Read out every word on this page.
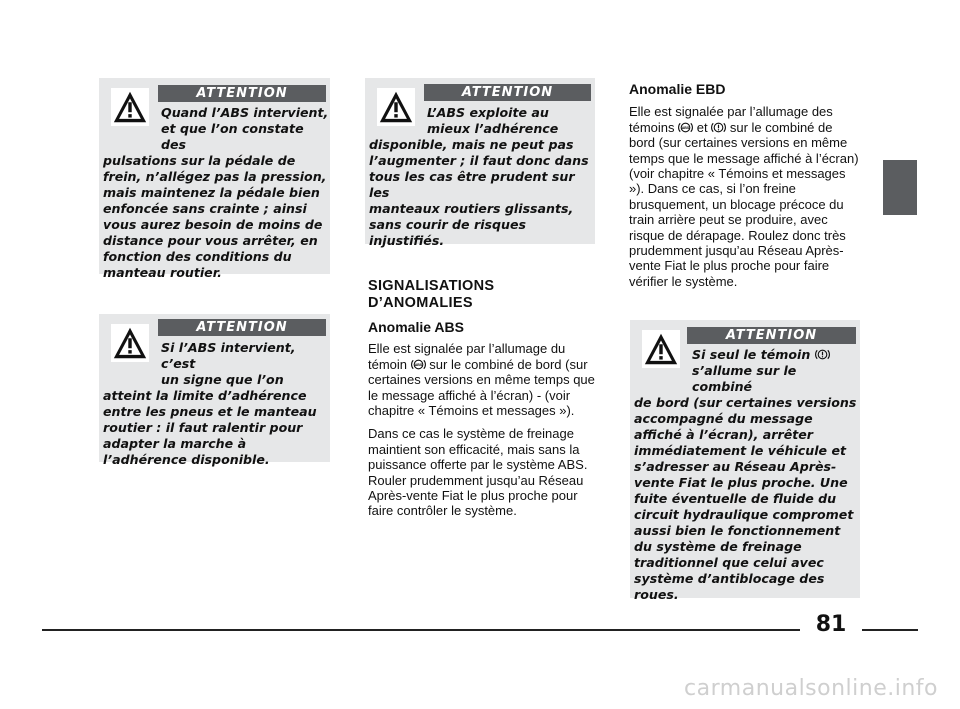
ATTENTION
Quand l’ABS intervient,
et que l’on constate des
pulsations sur la pédale de
frein, n’allégez pas la pression,
mais maintenez la pédale bien
enfoncée sans crainte ; ainsi
vous aurez besoin de moins de
distance pour vous arrêter, en
fonction des conditions du
manteau routier.
ATTENTION
Si l’ABS intervient, c’est
un signe que l’on
atteint la limite d’adhérence
entre les pneus et le manteau
routier : il faut ralentir pour
adapter la marche à
l’adhérence disponible.
ATTENTION
L’ABS exploite au
mieux l’adhérence
disponible, mais ne peut pas
l’augmenter ; il faut donc dans
tous les cas être prudent sur les
manteaux routiers glissants,
sans courir de risques
injustifiés.
SIGNALISATIONS
D’ANOMALIES
Anomalie ABS

Elle est signalée par l’allumage du témoin ABS sur le combiné de bord (sur certaines versions en même temps que le message affiché à l’écran) - (voir chapitre « Témoins et messages »).

Dans ce cas le système de freinage maintient son efficacité, mais sans la puissance offerte par le système ABS. Rouler prudemment jusqu’au Réseau Après-vente Fiat le plus proche pour faire contrôler le système.

Anomalie EBD

Elle est signalée par l’allumage des témoins ABS et sur le combiné de bord (sur certaines versions en même temps que le message affiché à l’écran) (voir chapitre « Témoins et messages »). Dans ce cas, si l’on freine brusquement, un blocage précoce du train arrière peut se produire, avec risque de dérapage. Roulez donc très prudemment jusqu’au Réseau Après-vente Fiat le plus proche pour faire vérifier le système.

ATTENTION
Si seul le témoin
s’allume sur le combiné
de bord (sur certaines versions
accompagné du message
affiché à l’écran), arrêter
immédiatement le véhicule et
s’adresser au Réseau Après-
vente Fiat le plus proche. Une
fuite éventuelle de fluide du
circuit hydraulique compromet
aussi bien le fonctionnement
du système de freinage
traditionnel que celui avec
système d’antiblocage des
roues.
81
carmanualsonline.info
